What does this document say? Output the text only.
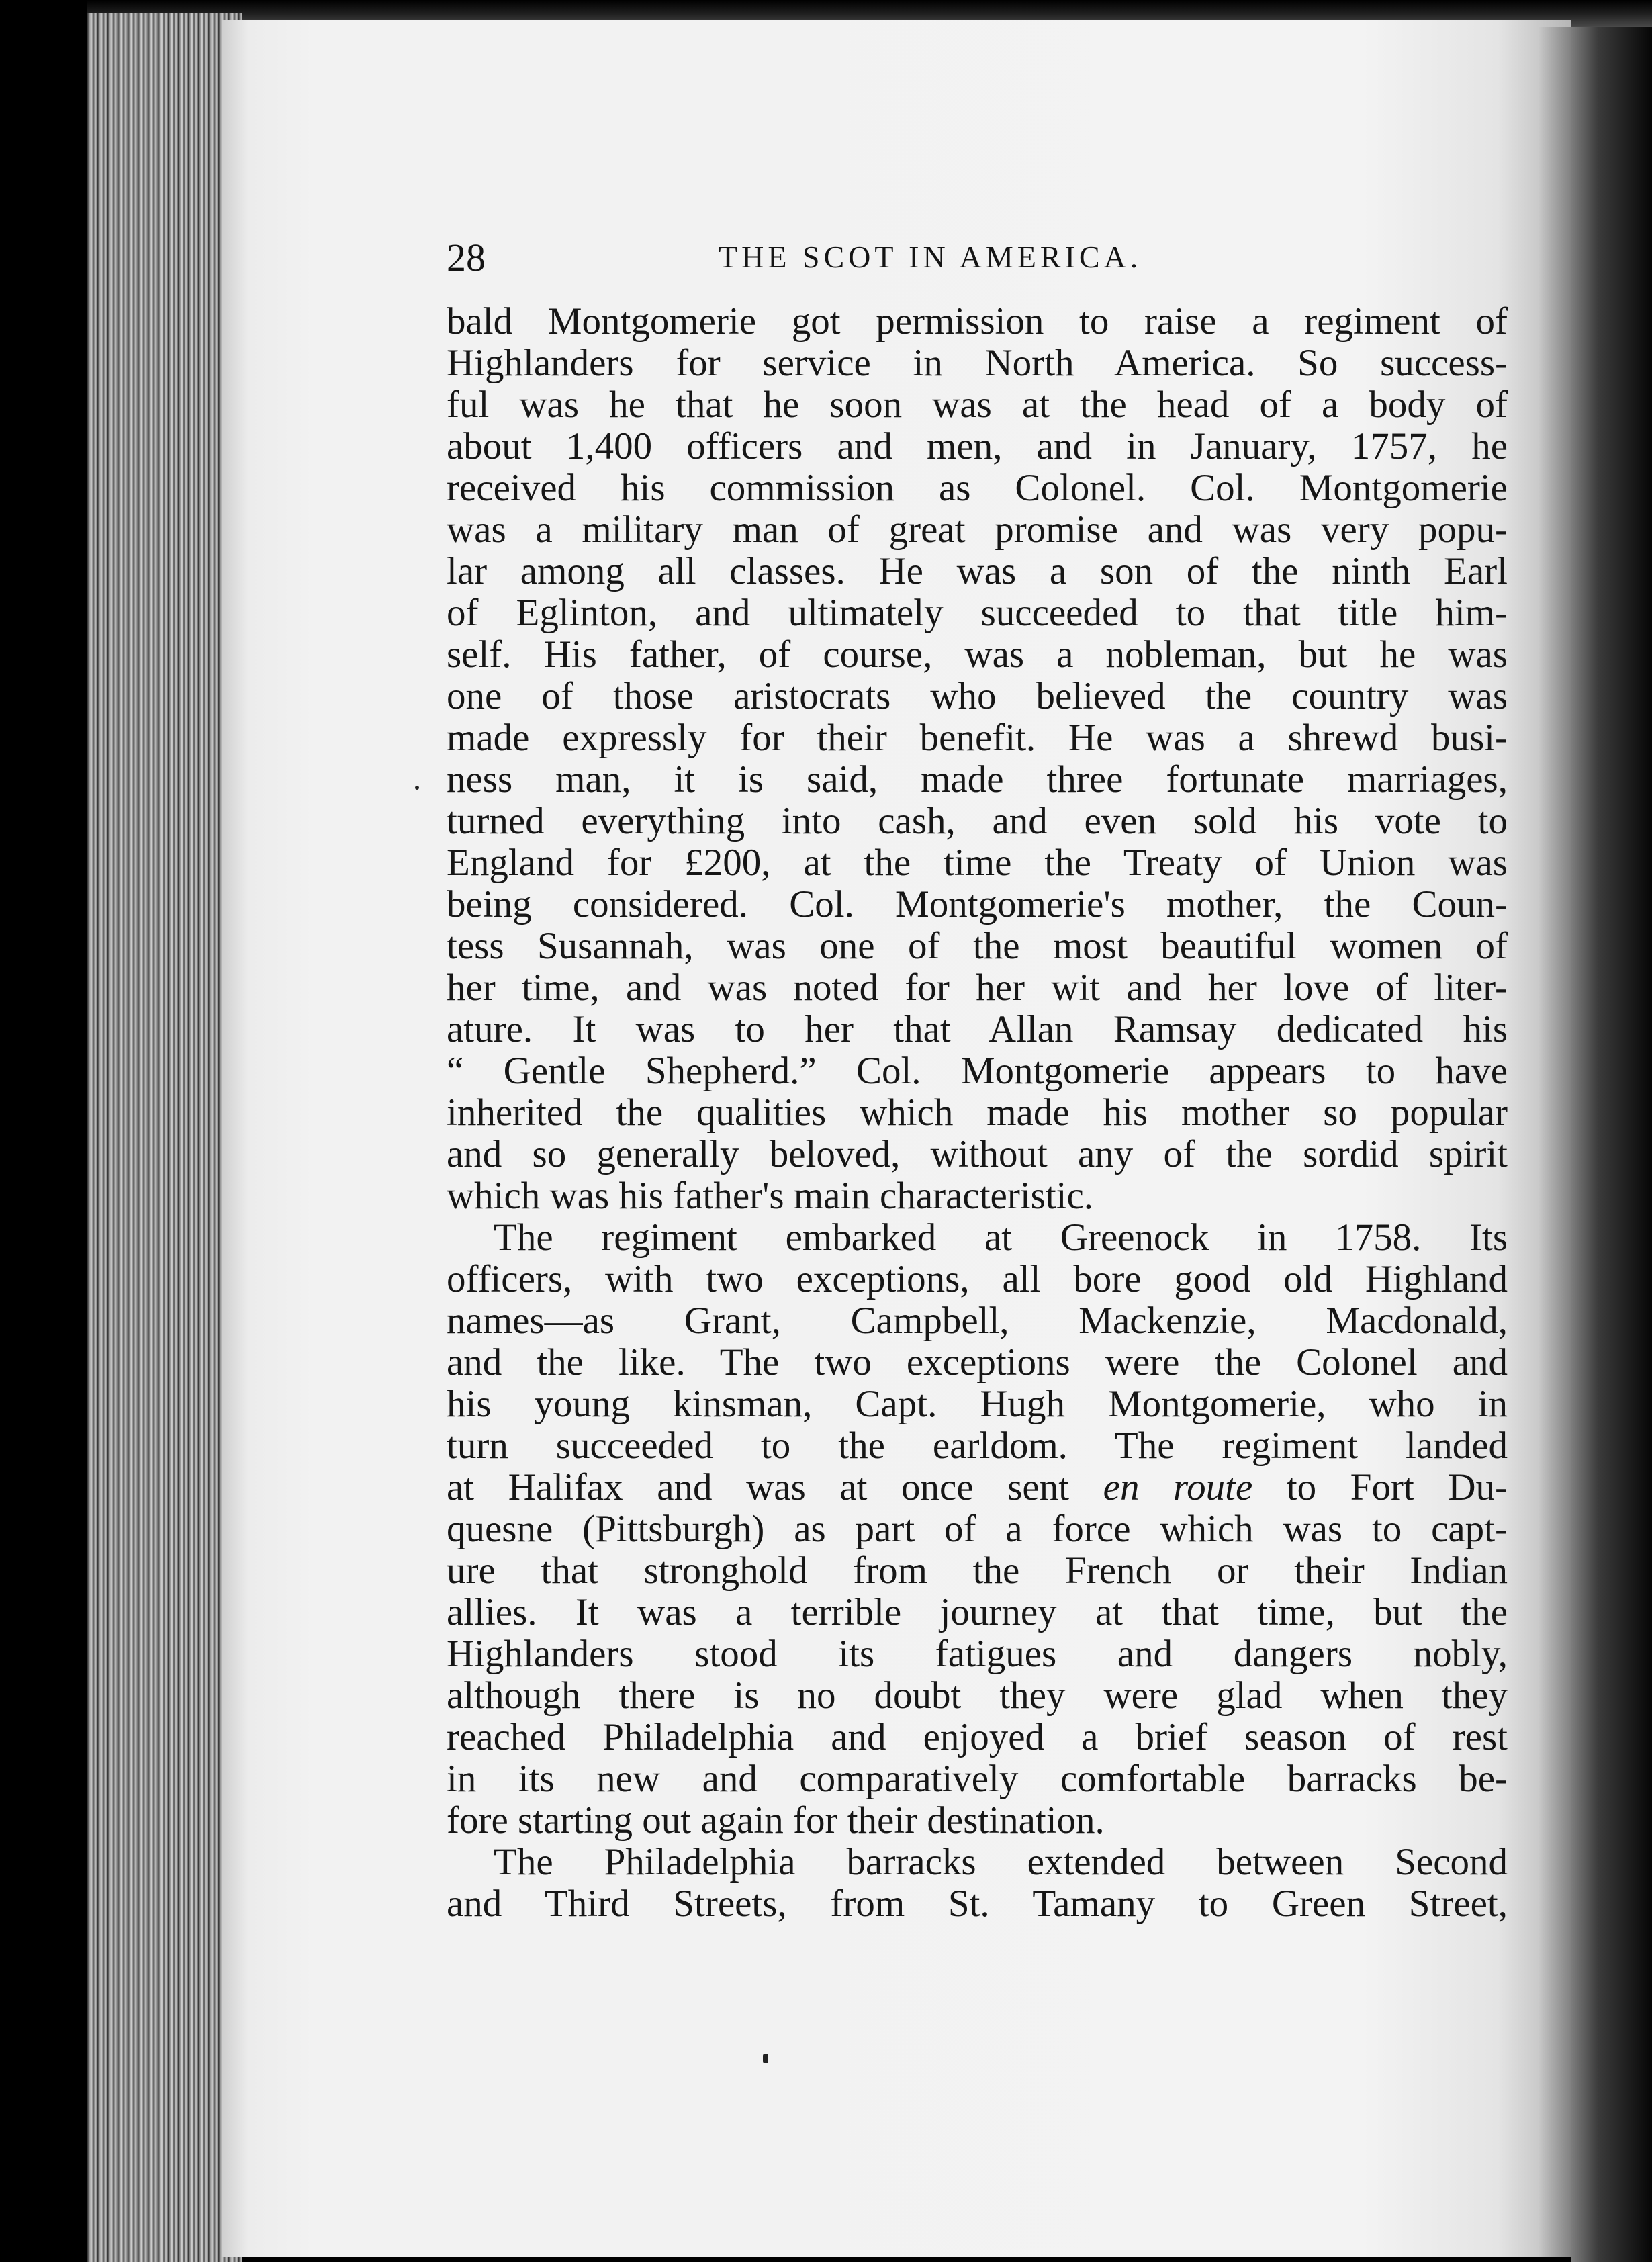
28	THE SCOT IN AMERICA.
bald Montgomerie got permission to raise a regiment of
Highlanders for service in North America. So success-
ful was he that he soon was at the head of a body of
about 1,400 officers and men, and in January, 1757, he
received his commission as Colonel. Col. Montgomerie
was a military man of great promise and was very popu-
lar among all classes. He was a son of the ninth Earl
of Eglinton, and ultimately succeeded to that title him-
self. His father, of course, was a nobleman, but he was
one of those aristocrats who believed the country was
made expressly for their benefit. He was a shrewd busi-
ness man, it is said, made three fortunate marriages,
turned everything into cash, and even sold his vote to
England for £200, at the time the Treaty of Union was
being considered. Col. Montgomerie's mother, the Coun-
tess Susannah, was one of the most beautiful women of
her time, and was noted for her wit and her love of liter-
ature. It was to her that Allan Ramsay dedicated his
“ Gentle Shepherd.” Col. Montgomerie appears to have
inherited the qualities which made his mother so popular
and so generally beloved, without any of the sordid spirit
which was his father's main characteristic.
The regiment embarked at Greenock in 1758. Its
officers, with two exceptions, all bore good old Highland
names—as Grant, Campbell, Mackenzie, Macdonald,
and the like. The two exceptions were the Colonel and
his young kinsman, Capt. Hugh Montgomerie, who in
turn succeeded to the earldom. The regiment landed
at Halifax and was at once sent en route to Fort Du-
quesne (Pittsburgh) as part of a force which was to capt-
ure that stronghold from the French or their Indian
allies. It was a terrible journey at that time, but the
Highlanders stood its fatigues and dangers nobly,
although there is no doubt they were glad when they
reached Philadelphia and enjoyed a brief season of rest
in its new and comparatively comfortable barracks be-
fore starting out again for their destination.
The Philadelphia barracks extended between Second
and Third Streets, from St. Tamany to Green Street,
